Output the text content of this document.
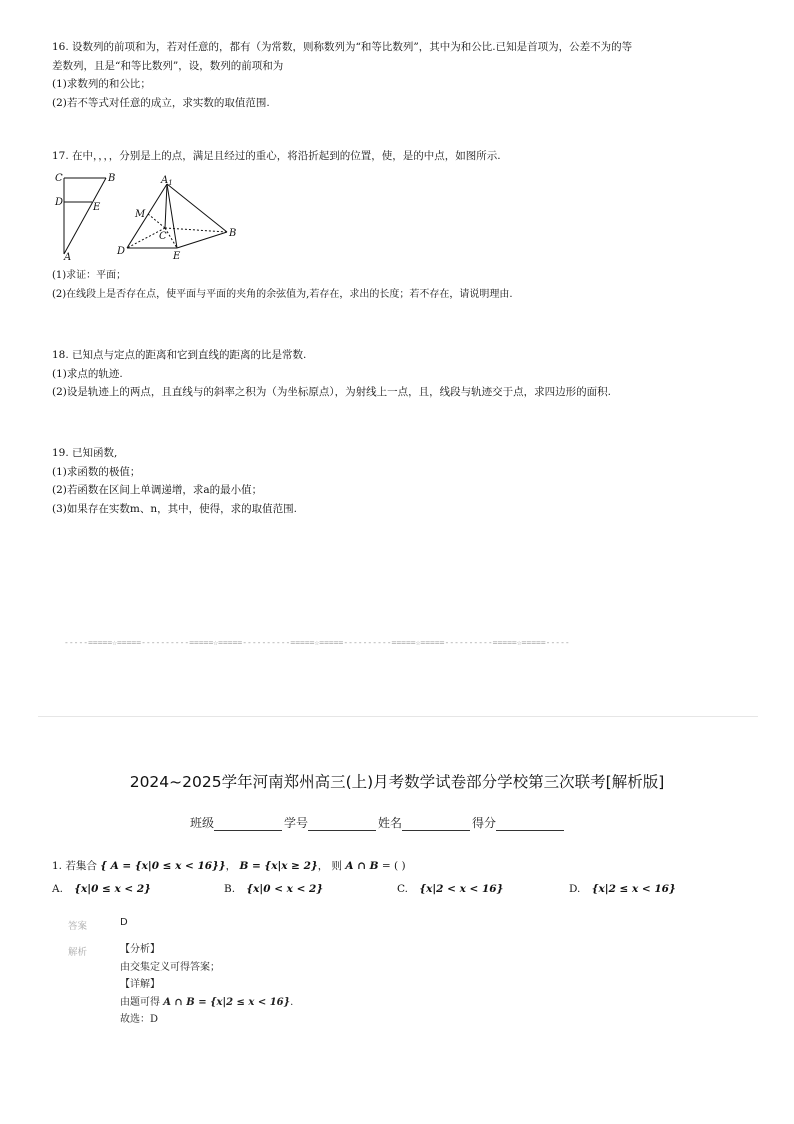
16. 设数列的前项和为，若对任意的，都有（为常数，则称数列为“和等比数列”，其中为和公比.已知是首项为，公差不为的等
差数列，且是“和等比数列”，设，数列的前项和为
(1)求数列的和公比；
(2)若不等式对任意的成立，求实数的取值范围.
17. 在中，，，，分别是上的点，满足且经过的重心，将沿折起到的位置，使，是的中点，如图所示.
C	B
D	E
A
$A_1$
M
C	B
D	E
(1)求证：平面；
(2)在线段上是否存在点，使平面与平面的夹角的余弦值为,若存在，求出的长度；若不存在，请说明理由.
18. 已知点与定点的距离和它到直线的距离的比是常数.
(1)求点的轨迹.
(2)设是轨迹上的两点，且直线与的斜率之积为（为坐标原点），为射线上一点，且，线段与轨迹交于点，求四边形的面积.
19. 已知函数,
(1)求函数的极值；
(2)若函数在区间上单调递增，求a的最小值；
(3)如果存在实数m、n，其中，使得，求的取值范围.
-----=====☆=====----------=====☆=====----------=====☆=====----------=====☆=====----------=====☆=====-----
2024~2025学年河南郑州高三(上)月考数学试卷部分学校第三次联考[解析版]
班级	学号	姓名	得分
1. 若集合 { A = {x|0 ≤ x < 16}}， B = {x|x ≥ 2}， 则 A ∩ B = ( )
A. {x|0 ≤ x < 2}	B. {x|0 < x < 2}	C. {x|2 < x < 16}	D. {x|2 ≤ x < 16}
答案	D
解析	【分析】
由交集定义可得答案；
【详解】
由题可得 A ∩ B = {x|2 ≤ x < 16}.
故选：D
